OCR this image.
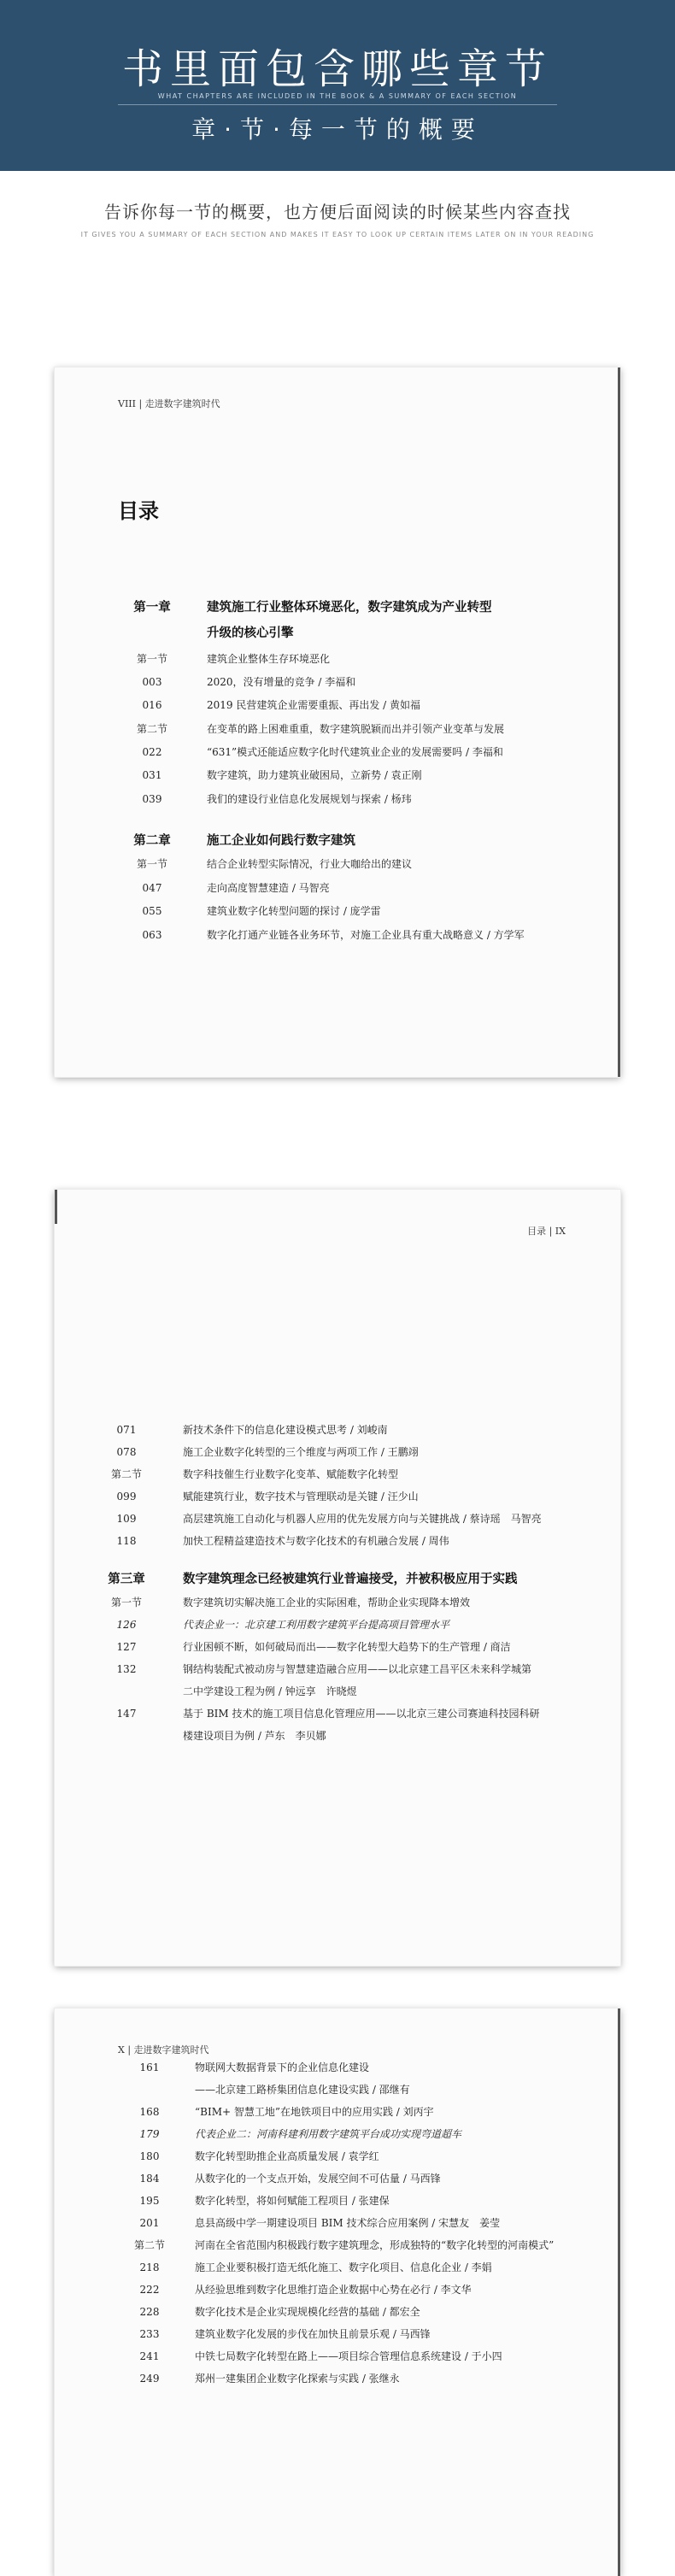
书里面包含哪些章节
WHAT CHAPTERS ARE INCLUDED IN THE BOOK & A SUMMARY OF EACH SECTION
章·节·每一节的概要
告诉你每一节的概要，也方便后面阅读的时候某些内容查找
IT GIVES YOU A SUMMARY OF EACH SECTION AND MAKES IT EASY TO LOOK UP CERTAIN ITEMS LATER ON IN YOUR READING
VIII | 走进数字建筑时代
目录
第一章	建筑施工行业整体环境恶化，数字建筑成为产业转型
升级的核心引擎
第一节	建筑企业整体生存环境恶化
003	2020，没有增量的竞争 / 李福和
016	2019 民营建筑企业需要重振、再出发 / 黄如福
第二节	在变革的路上困难重重，数字建筑脱颖而出并引领产业变革与发展
022	“631”模式还能适应数字化时代建筑业企业的发展需要吗 / 李福和
031	数字建筑，助力建筑业破困局，立新势 / 袁正刚
039	我们的建设行业信息化发展规划与探索 / 杨玮
第二章	施工企业如何践行数字建筑
第一节	结合企业转型实际情况，行业大咖给出的建议
047	走向高度智慧建造 / 马智亮
055	建筑业数字化转型问题的探讨 / 庞学雷
063	数字化打通产业链各业务环节，对施工企业具有重大战略意义 / 方学军
目录 | IX
071	新技术条件下的信息化建设模式思考 / 刘峻南
078	施工企业数字化转型的三个维度与两项工作 / 王鹏翊
第二节	数字科技催生行业数字化变革、赋能数字化转型
099	赋能建筑行业，数字技术与管理联动是关键 / 汪少山
109	高层建筑施工自动化与机器人应用的优先发展方向与关键挑战 / 蔡诗瑶　马智亮
118	加快工程精益建造技术与数字化技术的有机融合发展 / 周伟
第三章	数字建筑理念已经被建筑行业普遍接受，并被积极应用于实践
第一节	数字建筑切实解决施工企业的实际困难，帮助企业实现降本增效
126	代表企业一：北京建工利用数字建筑平台提高项目管理水平
127	行业困顿不断，如何破局而出——数字化转型大趋势下的生产管理 / 商洁
132	钢结构装配式被动房与智慧建造融合应用——以北京建工昌平区未来科学城第
二中学建设工程为例 / 钟远享　许晓煜
147	基于 BIM 技术的施工项目信息化管理应用——以北京三建公司赛迪科技园科研
楼建设项目为例 / 芦东　李贝娜
X | 走进数字建筑时代
161	物联网大数据背景下的企业信息化建设
——北京建工路桥集团信息化建设实践 / 邵继有
168	“BIM+ 智慧工地”在地铁项目中的应用实践 / 刘丙宇
179	代表企业二：河南科建利用数字建筑平台成功实现弯道超车
180	数字化转型助推企业高质量发展 / 袁学红
184	从数字化的一个支点开始，发展空间不可估量 / 马西锋
195	数字化转型，将如何赋能工程项目 / 张建保
201	息县高级中学一期建设项目 BIM 技术综合应用案例 / 宋慧友　姜莹
第二节	河南在全省范围内积极践行数字建筑理念，形成独特的“数字化转型的河南模式”
218	施工企业要积极打造无纸化施工、数字化项目、信息化企业 / 李娟
222	从经验思维到数字化思维打造企业数据中心势在必行 / 李文华
228	数字化技术是企业实现规模化经营的基础 / 都宏全
233	建筑业数字化发展的步伐在加快且前景乐观 / 马西锋
241	中铁七局数字化转型在路上——项目综合管理信息系统建设 / 于小四
249	郑州一建集团企业数字化探索与实践 / 张继永
